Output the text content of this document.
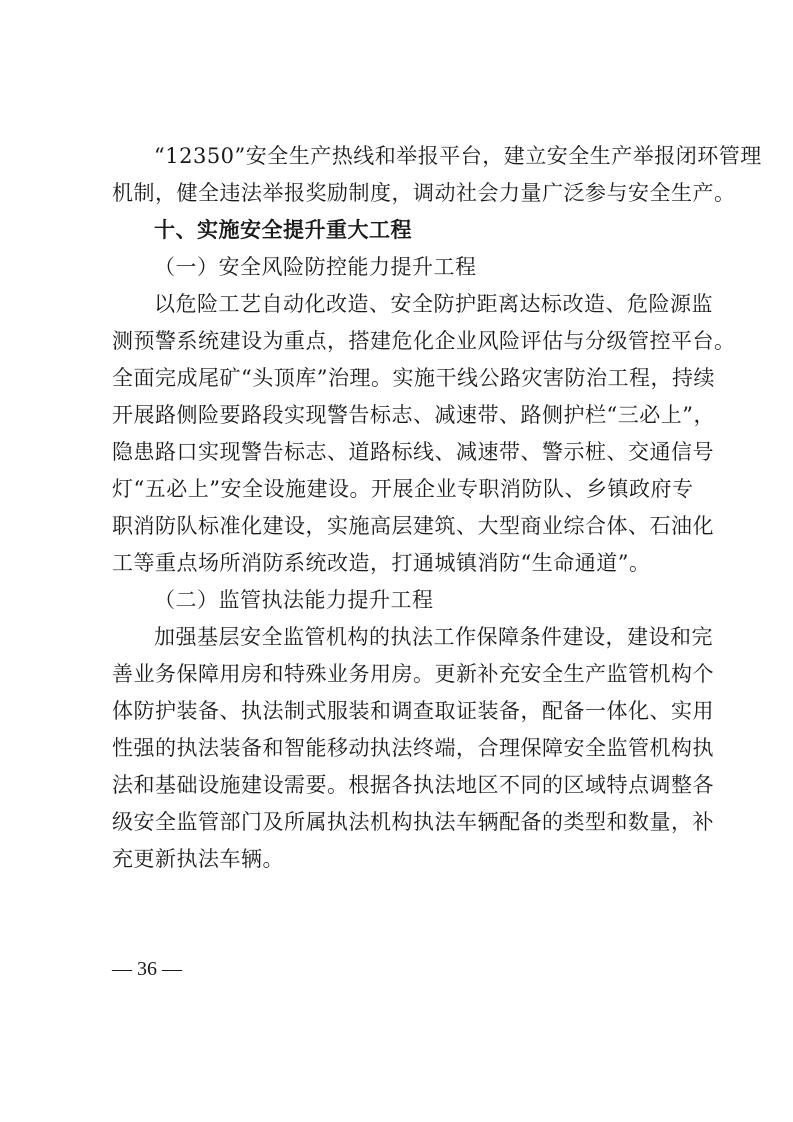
“12350”安全生产热线和举报平台，建立安全生产举报闭环管理
机制，健全违法举报奖励制度，调动社会力量广泛参与安全生产。
十、实施安全提升重大工程
（一）安全风险防控能力提升工程
以危险工艺自动化改造、安全防护距离达标改造、危险源监
测预警系统建设为重点，搭建危化企业风险评估与分级管控平台。
全面完成尾矿“头顶库”治理。实施干线公路灾害防治工程，持续
开展路侧险要路段实现警告标志、减速带、路侧护栏“三必上”，
隐患路口实现警告标志、道路标线、减速带、警示桩、交通信号
灯“五必上”安全设施建设。开展企业专职消防队、乡镇政府专
职消防队标准化建设，实施高层建筑、大型商业综合体、石油化
工等重点场所消防系统改造，打通城镇消防“生命通道”。
（二）监管执法能力提升工程
加强基层安全监管机构的执法工作保障条件建设，建设和完
善业务保障用房和特殊业务用房。更新补充安全生产监管机构个
体防护装备、执法制式服装和调查取证装备，配备一体化、实用
性强的执法装备和智能移动执法终端，合理保障安全监管机构执
法和基础设施建设需要。根据各执法地区不同的区域特点调整各
级安全监管部门及所属执法机构执法车辆配备的类型和数量，补
充更新执法车辆。
— 36 —
